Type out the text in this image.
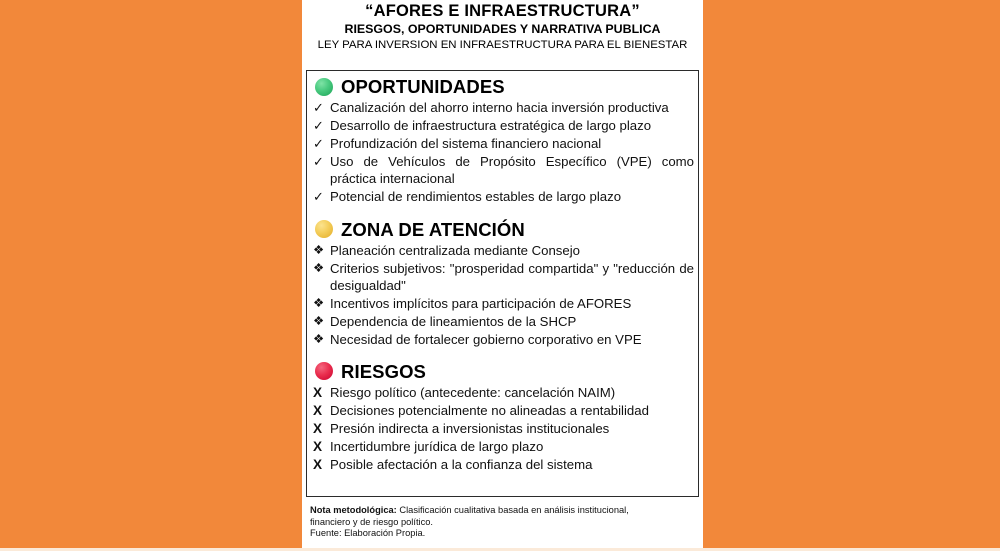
“AFORES E INFRAESTRUCTURA”
RIESGOS, OPORTUNIDADES Y NARRATIVA PUBLICA
LEY PARA INVERSION EN INFRAESTRUCTURA PARA EL BIENESTAR
OPORTUNIDADES
✓ Canalización del ahorro interno hacia inversión productiva
✓ Desarrollo de infraestructura estratégica de largo plazo
✓ Profundización del sistema financiero nacional
✓ Uso de Vehículos de Propósito Específico (VPE) como práctica internacional
✓ Potencial de rendimientos estables de largo plazo
ZONA DE ATENCIÓN
❖ Planeación centralizada mediante Consejo
❖ Criterios subjetivos: "prosperidad compartida" y "reducción de desigualdad"
❖ Incentivos implícitos para participación de AFORES
❖ Dependencia de lineamientos de la SHCP
❖ Necesidad de fortalecer gobierno corporativo en VPE
RIESGOS
X Riesgo político (antecedente: cancelación NAIM)
X Decisiones potencialmente no alineadas a rentabilidad
X Presión indirecta a inversionistas institucionales
X Incertidumbre jurídica de largo plazo
X Posible afectación a la confianza del sistema
Nota metodológica: Clasificación cualitativa basada en análisis institucional,
financiero y de riesgo político.
Fuente: Elaboración Propia.
